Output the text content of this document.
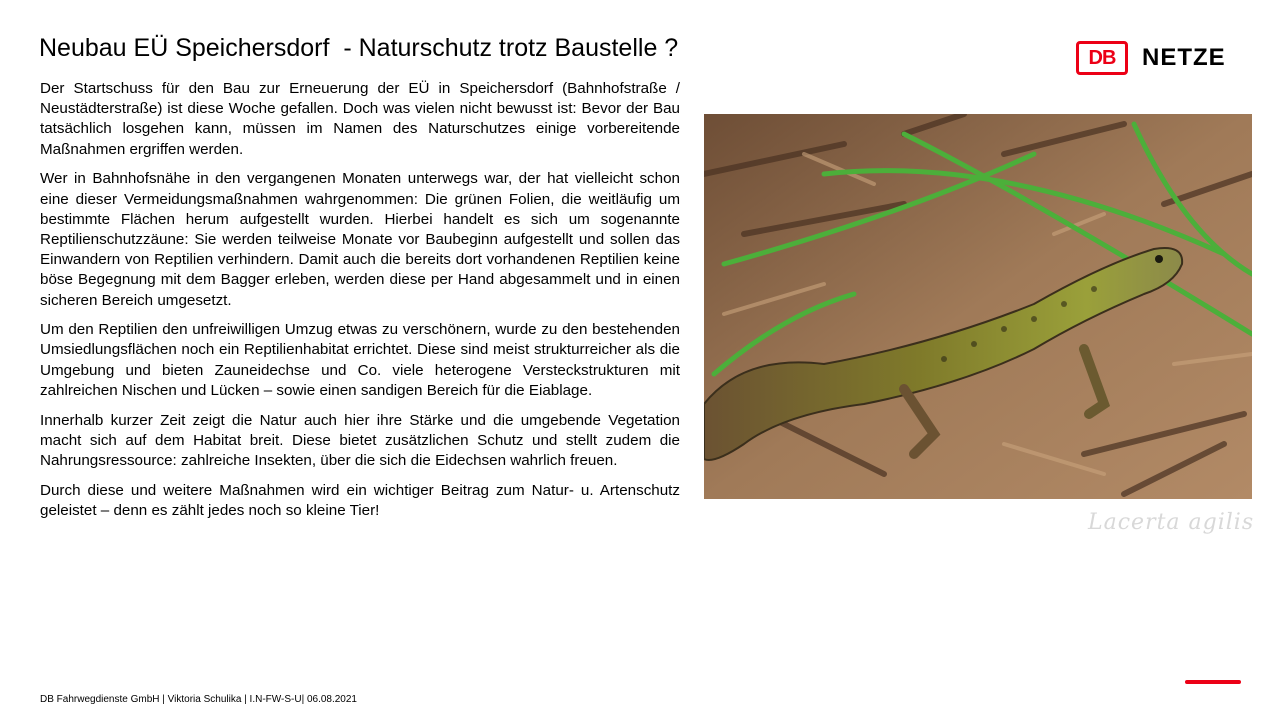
Neubau EÜ Speichersdorf  - Naturschutz trotz Baustelle ?	DB	NETZE

Der Startschuss für den Bau zur Erneuerung der EÜ in Speichersdorf (Bahnhofstraße / Neustädterstraße) ist diese Woche gefallen. Doch was vielen nicht bewusst ist: Bevor der Bau tatsächlich losgehen kann, müssen im Namen des Naturschutzes einige vorbereitende Maßnahmen ergriffen werden.

Wer in Bahnhofsnähe in den vergangenen Monaten unterwegs war, der hat vielleicht schon eine dieser Vermeidungsmaßnahmen wahrgenommen: Die grünen Folien, die weitläufig um bestimmte Flächen herum aufgestellt wurden. Hierbei handelt es sich um sogenannte Reptilienschutzzäune: Sie werden teilweise Monate vor Baubeginn aufgestellt und sollen das Einwandern von Reptilien verhindern. Damit auch die bereits dort vorhandenen Reptilien keine böse Begegnung mit dem Bagger erleben, werden diese per Hand abgesammelt und in einen sicheren Bereich umgesetzt.

Um den Reptilien den unfreiwilligen Umzug etwas zu verschönern, wurde zu den bestehenden Umsiedlungsflächen noch ein Reptilienhabitat errichtet. Diese sind meist strukturreicher als die Umgebung und bieten Zauneidechse und Co. viele heterogene Versteckstrukturen mit zahlreichen Nischen und Lücken – sowie einen sandigen Bereich für die Eiablage.

Innerhalb kurzer Zeit zeigt die Natur auch hier ihre Stärke und die umgebende Vegetation macht sich auf dem Habitat breit. Diese bietet zusätzlichen Schutz und stellt zudem die Nahrungsressource: zahlreiche Insekten, über die sich die Eidechsen wahrlich freuen.

Durch diese und weitere Maßnahmen wird ein wichtiger Beitrag zum Natur- u. Artenschutz geleistet – denn es zählt jedes noch so kleine Tier!	Lacerta agilis
DB Fahrwegdienste GmbH | Viktoria Schulika | I.N-FW-S-U| 06.08.2021
